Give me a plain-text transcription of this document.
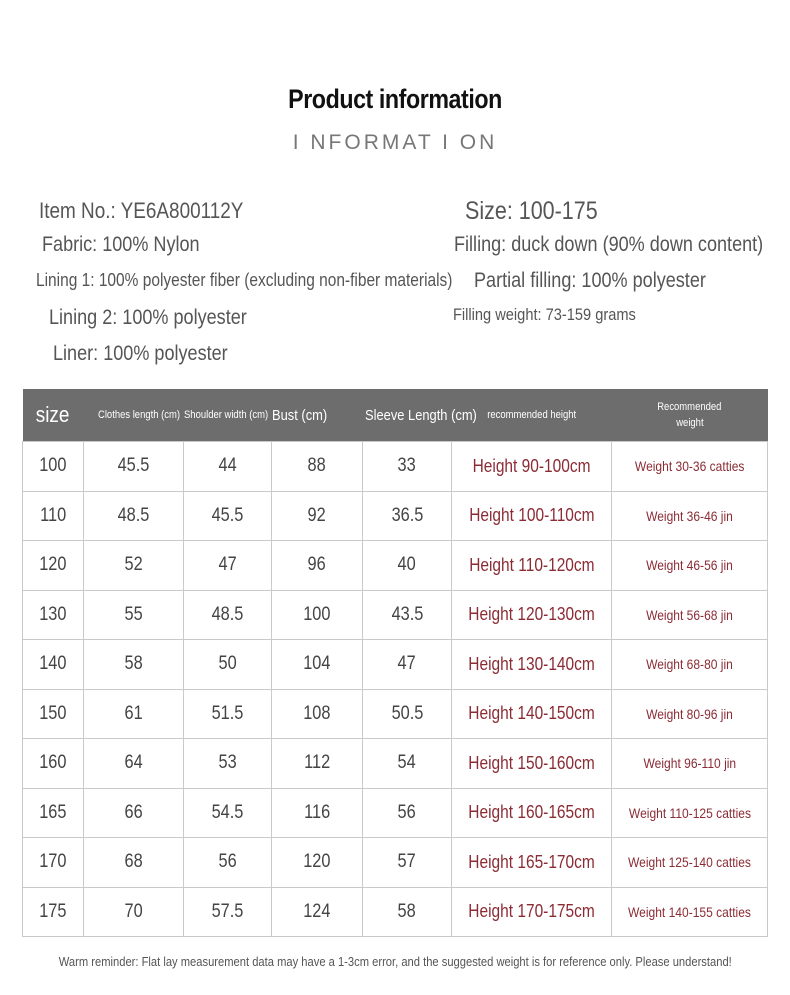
Product information
I NFORMAT I ON
Item No.: YE6A800112Y	Size: 100-175
Fabric: 100% Nylon	Filling: duck down (90% down content)
Lining 1: 100% polyester fiber (excluding non-fiber materials) Partial filling: 100% polyester
Lining 2: 100% polyester	Filling weight: 73-159 grams
Liner: 100% polyester
size	Clothes length (cm)	Shoulder width (cm)	Bust (cm)	Sleeve Length (cm)	recommended height	Recommended
weight

100	45.5	44	88	33	Height 90-100cm	Weight 30-36 catties
110	48.5	45.5	92	36.5	Height 100-110cm	Weight 36-46 jin
120	52	47	96	40	Height 110-120cm	Weight 46-56 jin
130	55	48.5	100	43.5	Height 120-130cm	Weight 56-68 jin
140	58	50	104	47	Height 130-140cm	Weight 68-80 jin
150	61	51.5	108	50.5	Height 140-150cm	Weight 80-96 jin
160	64	53	112	54	Height 150-160cm	Weight 96-110 jin
165	66	54.5	116	56	Height 160-165cm	Weight 110-125 catties
170	68	56	120	57	Height 165-170cm	Weight 125-140 catties
175	70	57.5	124	58	Height 170-175cm	Weight 140-155 catties
Warm reminder: Flat lay measurement data may have a 1-3cm error, and the suggested weight is for reference only. Please understand!
